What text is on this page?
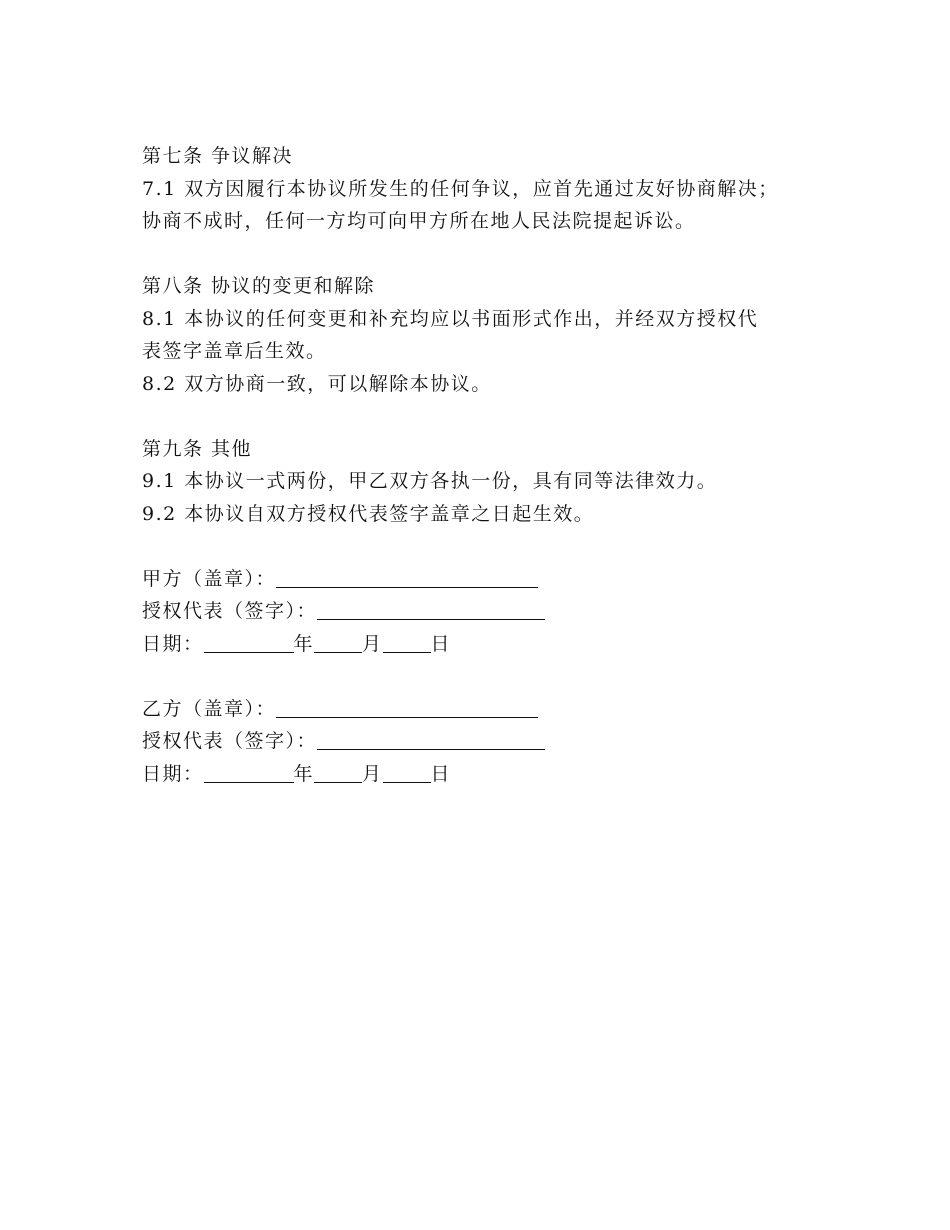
第七条 争议解决
7.1 双方因履行本协议所发生的任何争议，应首先通过友好协商解决；
协商不成时，任何一方均可向甲方所在地人民法院提起诉讼。
第八条 协议的变更和解除
8.1 本协议的任何变更和补充均应以书面形式作出，并经双方授权代
表签字盖章后生效。
8.2 双方协商一致，可以解除本协议。
第九条 其他
9.1 本协议一式两份，甲乙双方各执一份，具有同等法律效力。
9.2 本协议自双方授权代表签字盖章之日起生效。
甲方（盖章）：
授权代表（签字）：
日期：	年	月	日
乙方（盖章）：
授权代表（签字）：
日期：	年	月	日
